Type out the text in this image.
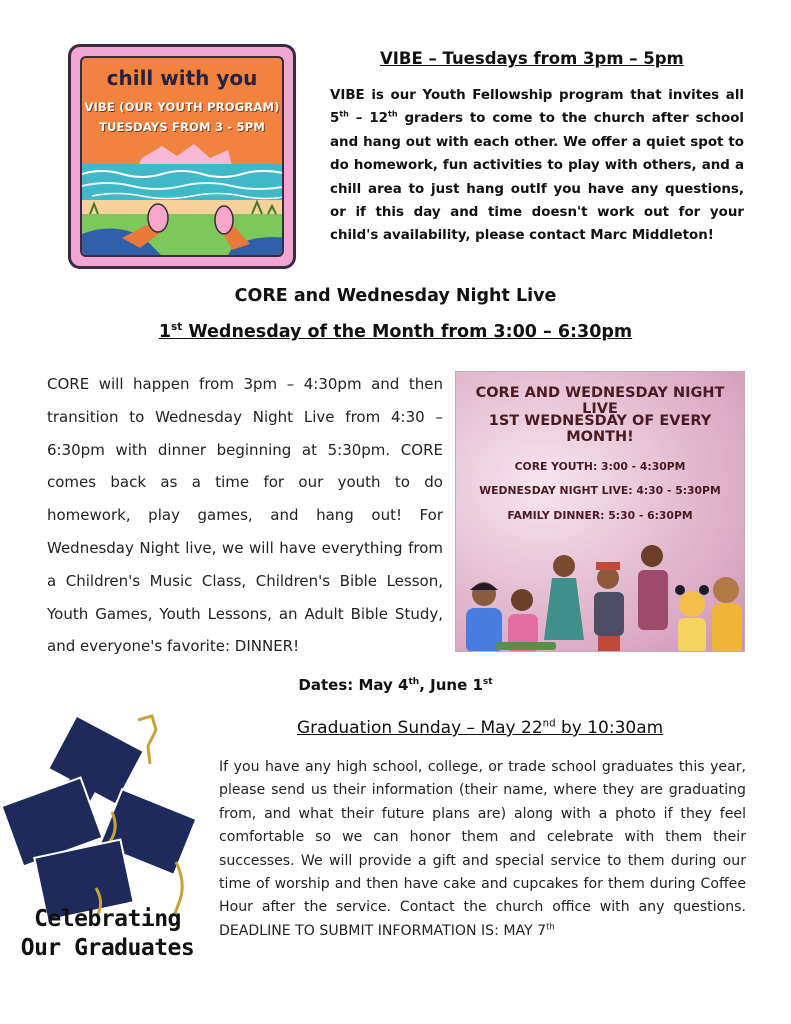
chill with you
VIBE (OUR YOUTH PROGRAM)
TUESDAYS FROM 3 - 5PM
VIBE – Tuesdays from 3pm – 5pm
VIBE is our Youth Fellowship program that invites all 5th – 12th graders to come to the church after school and hang out with each other. We offer a quiet spot to do homework, fun activities to play with others, and a chill area to just hang outIf you have any questions, or if this day and time doesn't work out for your child's availability, please contact Marc Middleton!
CORE and Wednesday Night Live
1st Wednesday of the Month from 3:00 – 6:30pm
CORE will happen from 3pm – 4:30pm and then transition to Wednesday Night Live from 4:30 – 6:30pm with dinner beginning at 5:30pm. CORE comes back as a time for our youth to do homework, play games, and hang out! For Wednesday Night live, we will have everything from a Children's Music Class, Children's Bible Lesson, Youth Games, Youth Lessons, an Adult Bible Study, and everyone's favorite: DINNER!
CORE AND WEDNESDAY NIGHT LIVE
1ST WEDNESDAY OF EVERY MONTH!
CORE YOUTH: 3:00 - 4:30PM
WEDNESDAY NIGHT LIVE: 4:30 - 5:30PM
FAMILY DINNER: 5:30 - 6:30PM
Dates: May 4th, June 1st
Celebrating
Our Graduates
Graduation Sunday – May 22nd by 10:30am
If you have any high school, college, or trade school graduates this year, please send us their information (their name, where they are graduating from, and what their future plans are) along with a photo if they feel comfortable so we can honor them and celebrate with them their successes. We will provide a gift and special service to them during our time of worship and then have cake and cupcakes for them during Coffee Hour after the service. Contact the church office with any questions. DEADLINE TO SUBMIT INFORMATION IS: MAY 7th
